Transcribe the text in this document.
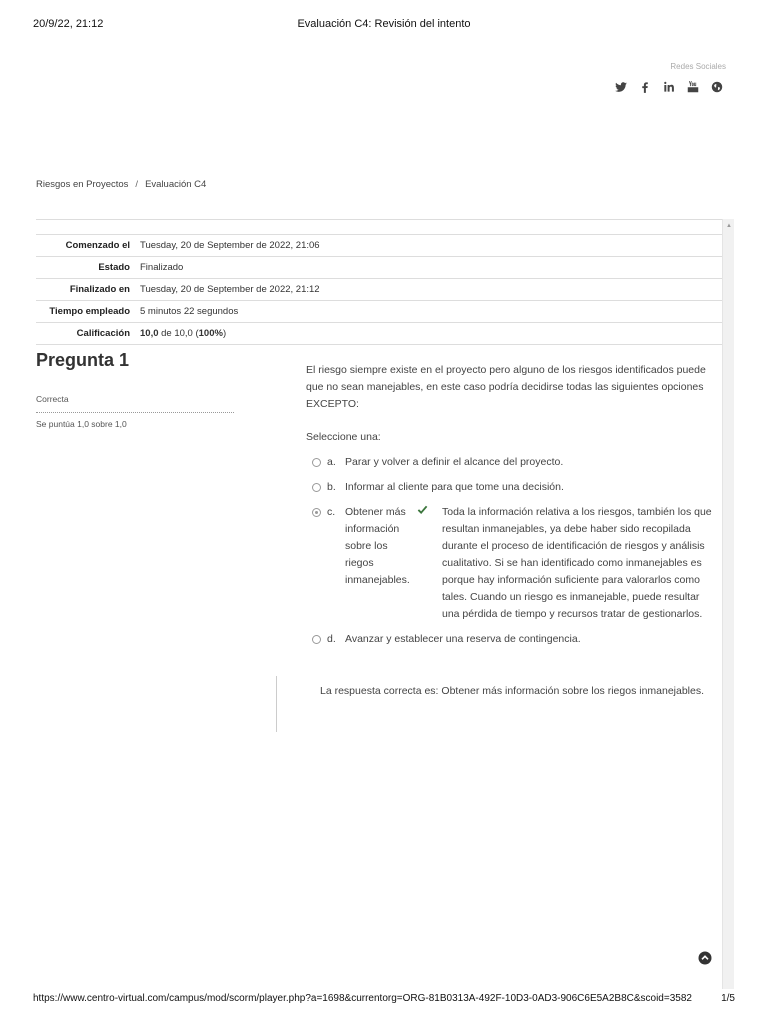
20/9/22, 21:12	Evaluación C4: Revisión del intento
Redes Sociales
Riesgos en Proyectos / Evaluación C4
▲
Comenzado el	Tuesday, 20 de September de 2022, 21:06
Estado	Finalizado
Finalizado en	Tuesday, 20 de September de 2022, 21:12
Tiempo empleado	5 minutos 22 segundos
Calificación	10,0 de 10,0 (100%)
Pregunta 1
Correcta
Se puntúa 1,0 sobre 1,0

El riesgo siempre existe en el proyecto pero alguno de los riesgos identificados puede que no sean manejables, en este caso podría decidirse todas las siguientes opciones EXCEPTO:

Seleccione una:
a. Parar y volver a definir el alcance del proyecto.
b. Informar al cliente para que tome una decisión.
c. Obtener más información sobre los riegos inmanejables.
Toda la información relativa a los riesgos, también los que resultan inmanejables, ya debe haber sido recopilada durante el proceso de identificación de riesgos y análisis cualitativo. Si se han identificado como inmanejables es porque hay información suficiente para valorarlos como tales. Cuando un riesgo es inmanejable, puede resultar una pérdida de tiempo y recursos tratar de gestionarlos.
d. Avanzar y establecer una reserva de contingencia.

La respuesta correcta es: Obtener más información sobre los riegos inmanejables.

https://www.centro-virtual.com/campus/mod/scorm/player.php?a=1698&currentorg=ORG-81B0313A-492F-10D3-0AD3-906C6E5A2B8C&scoid=3582	1/5
